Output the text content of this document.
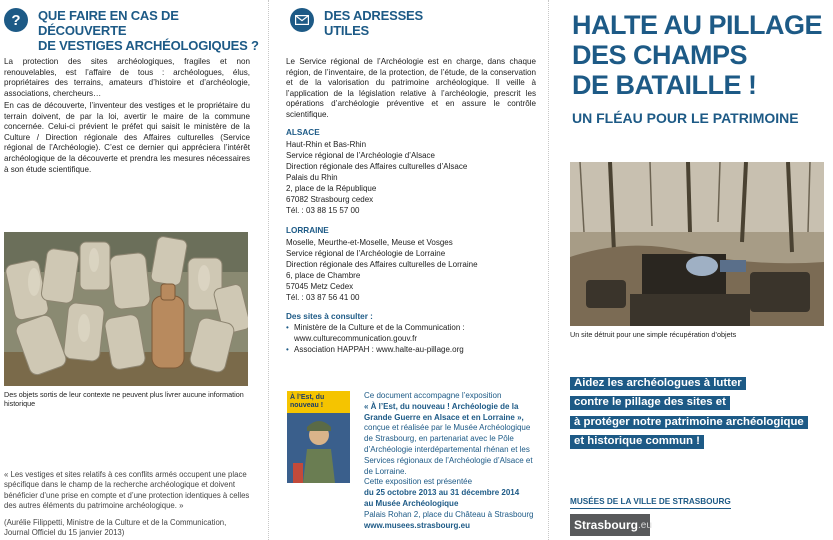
? QUE FAIRE EN CAS DE DÉCOUVERTE
DE VESTIGES ARCHÉOLOGIQUES ?

La protection des sites archéologiques, fragiles et non renouvelables, est l’affaire de tous : archéologues, élus, propriétaires des terrains, amateurs d’histoire et d’archéologie, associations, chercheurs…

En cas de découverte, l’inventeur des vestiges et le propriétaire du terrain doivent, de par la loi, avertir le maire de la commune concernée. Celui-ci prévient le préfet qui saisit le ministère de la Culture / Direction régionale des Affaires culturelles (Service régional de l’Archéologie). C’est ce dernier qui appréciera l’intérêt archéologique de la découverte et prendra les mesures nécessaires à son étude scientifique.

Des objets sortis de leur contexte ne peuvent plus livrer aucune information historique

« Les vestiges et sites relatifs à ces conflits armés occupent une place spécifique dans le champ de la recherche archéologique et doivent bénéficier d’une prise en compte et d’une protection identiques à celles des autres éléments du patrimoine archéologique. »

(Aurélie Filippetti, Ministre de la Culture et de la Communication, Journal Officiel du 15 janvier 2013)

DES ADRESSES
UTILES

Le Service régional de l’Archéologie est en charge, dans chaque région, de l’inventaire, de la protection, de l’étude, de la conservation et de la valorisation du patrimoine archéologique. Il veille à l’application de la législation relative à l’archéologie, prescrit les opérations d’archéologie préventive et en assure le contrôle scientifique.

ALSACE
Haut-Rhin et Bas-Rhin
Service régional de l’Archéologie d’Alsace
Direction régionale des Affaires culturelles d’Alsace
Palais du Rhin
2, place de la République
67082 Strasbourg cedex
Tél. : 03 88 15 57 00
LORRAINE
Moselle, Meurthe-et-Moselle, Meuse et Vosges
Service régional de l’Archéologie de Lorraine
Direction régionale des Affaires culturelles de Lorraine
6, place de Chambre
57045 Metz Cedex
Tél. : 03 87 56 41 00
Des sites à consulter :
• Ministère de la Culture et de la Communication :
www.culturecommunication.gouv.fr
• Association HAPPAH : www.halte-au-pillage.org
À l’Est, du nouveau !
Ce document accompagne l’exposition
« À l’Est, du nouveau ! Archéologie de la Grande Guerre en Alsace et en Lorraine »,
conçue et réalisée par le Musée Archéologique de Strasbourg, en partenariat avec le Pôle d’Archéologie interdépartemental rhénan et les Services régionaux de l’Archéologie d’Alsace et de Lorraine.
Cette exposition est présentée
du 25 octobre 2013 au 31 décembre 2014
au Musée Archéologique
Palais Rohan 2, place du Château à Strasbourg
www.musees.strasbourg.eu
HALTE AU PILLAGE
DES CHAMPS
DE BATAILLE !
UN FLÉAU POUR LE PATRIMOINE

Un site détruit pour une simple récupération d’objets

Aidez les archéologues à lutter
contre le pillage des sites et
à protéger notre patrimoine archéologique
et historique commun !
MUSÉES DE LA VILLE DE STRASBOURG
Strasbourg .eu
